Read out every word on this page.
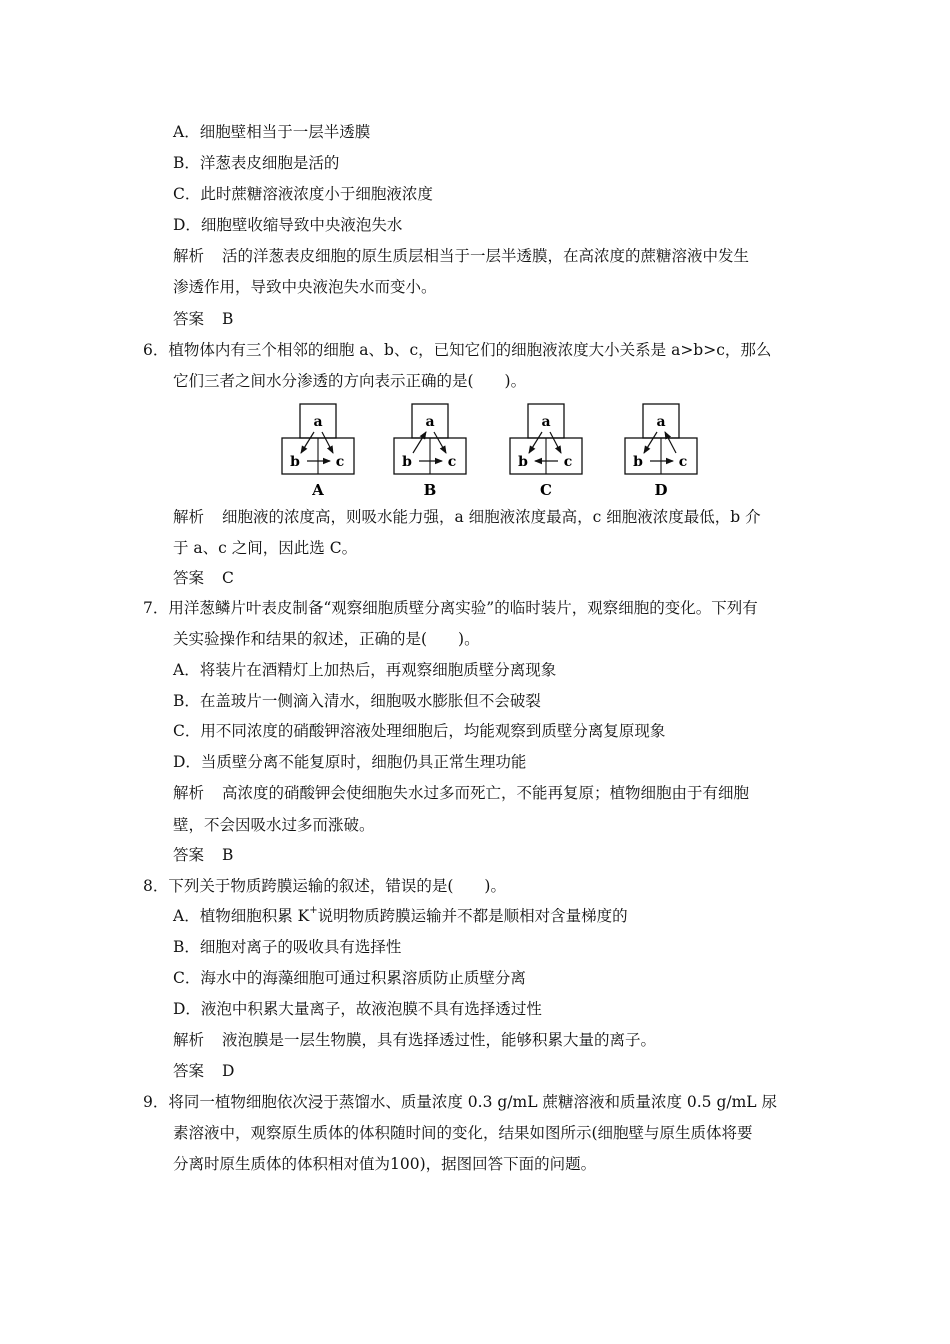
A．细胞壁相当于一层半透膜
B．洋葱表皮细胞是活的
C．此时蔗糖溶液浓度小于细胞液浓度
D．细胞壁收缩导致中央液泡失水
解析 活的洋葱表皮细胞的原生质层相当于一层半透膜，在高浓度的蔗糖溶液中发生
渗透作用，导致中央液泡失水而变小。
答案 B
6．植物体内有三个相邻的细胞 a、b、c，已知它们的细胞液浓度大小关系是 a>b>c，那么
它们三者之间水分渗透的方向表示正确的是(　　)。
a
b	c
A
a
b	c
B
a
b	c
C
a
b	c
D
解析 细胞液的浓度高，则吸水能力强，a 细胞液浓度最高，c 细胞液浓度最低，b 介
于 a、c 之间，因此选 C。
答案 C
7．用洋葱鳞片叶表皮制备“观察细胞质壁分离实验”的临时装片，观察细胞的变化。下列有
关实验操作和结果的叙述，正确的是(　　)。
A．将装片在酒精灯上加热后，再观察细胞质壁分离现象
B．在盖玻片一侧滴入清水，细胞吸水膨胀但不会破裂
C．用不同浓度的硝酸钾溶液处理细胞后，均能观察到质壁分离复原现象
D．当质壁分离不能复原时，细胞仍具正常生理功能
解析 高浓度的硝酸钾会使细胞失水过多而死亡，不能再复原；植物细胞由于有细胞
壁，不会因吸水过多而涨破。
答案 B
8．下列关于物质跨膜运输的叙述，错误的是(　　)。
A．植物细胞积累 K+说明物质跨膜运输并不都是顺相对含量梯度的
B．细胞对离子的吸收具有选择性
C．海水中的海藻细胞可通过积累溶质防止质壁分离
D．液泡中积累大量离子，故液泡膜不具有选择透过性
解析 液泡膜是一层生物膜，具有选择透过性，能够积累大量的离子。
答案 D
9．将同一植物细胞依次浸于蒸馏水、质量浓度 0.3 g/mL 蔗糖溶液和质量浓度 0.5 g/mL 尿
素溶液中，观察原生质体的体积随时间的变化，结果如图所示(细胞壁与原生质体将要
分离时原生质体的体积相对值为100)，据图回答下面的问题。
